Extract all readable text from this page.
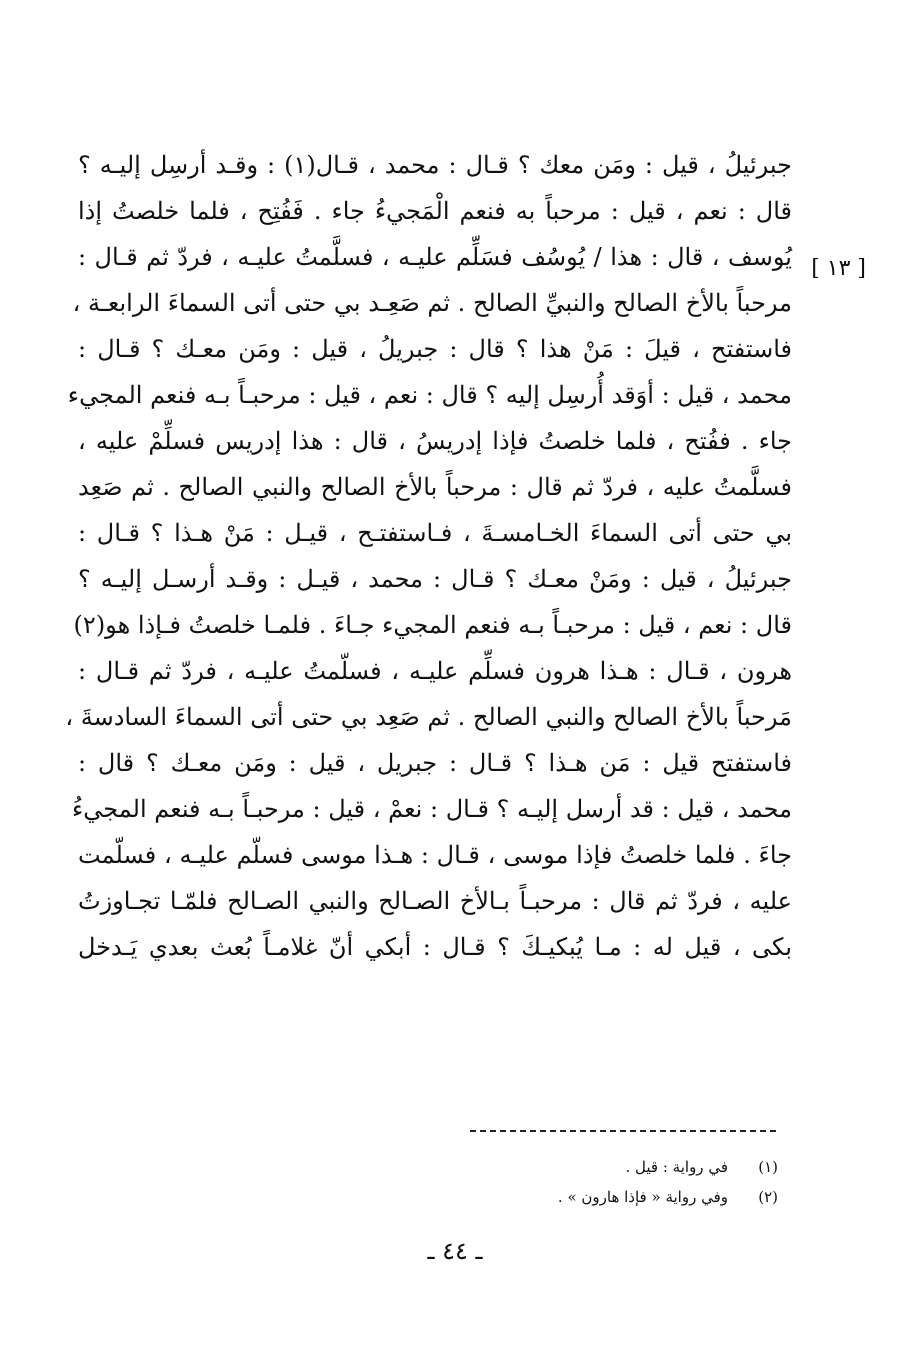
جبرئيلُ ، قيل : ومَن معك ؟ قـال : محمد ، قـال(١) : وقـد أرسِل إليـه ؟
قال : نعم ، قيل : مرحباً به فنعم الْمَجيءُ جاء . فَفُتِح ، فلما خلصتُ إذا
يُوسف ، قال : هذا / يُوسُف فسَلِّم عليـه ، فسلَّمتُ عليـه ، فردّ ثم قـال :
مرحباً بالأخ الصالح والنبيِّ الصالح . ثم صَعِـد بي حتى أتى السماءَ الرابعـة ،
فاستفتح ، قيلَ : مَنْ هذا ؟ قال : جبريلُ ، قيل : ومَن معـك ؟ قـال :
محمد ، قيل : أوَقد أُرسِل إليه ؟ قال : نعم ، قيل : مرحبـاً بـه فنعم المجيء
جاء . ففُتح ، فلما خلصتُ فإذا إدريسُ ، قال : هذا إدريس فسلِّمْ عليه ،
فسلَّمتُ عليه ، فردّ ثم قال : مرحباً بالأخ الصالح والنبي الصالح . ثم صَعِد
بي حتى أتى السماءَ الخـامسـةَ ، فـاستفتـح ، قيـل : مَنْ هـذا ؟ قـال :
جبرئيلُ ، قيل : ومَنْ معـك ؟ قـال : محمد ، قيـل : وقـد أرسـل إليـه ؟
قال : نعم ، قيل : مرحبـاً بـه فنعم المجيء جـاءَ . فلمـا خلصتُ فـإذا هو(٢)
هرون ، قـال : هـذا هرون فسلِّم عليـه ، فسلّمتُ عليـه ، فردّ ثم قـال :
مَرحباً بالأخ الصالح والنبي الصالح . ثم صَعِد بي حتى أتى السماءَ السادسةَ ،
فاستفتح قيل : مَن هـذا ؟ قـال : جبريل ، قيل : ومَن معـك ؟ قال :
محمد ، قيل : قد أرسل إليـه ؟ قـال : نعمْ ، قيل : مرحبـاً بـه فنعم المجيءُ
جاءَ . فلما خلصتُ فإذا موسى ، قـال : هـذا موسى فسلّم عليـه ، فسلّمت
عليه ، فردّ ثم قال : مرحبـاً بـالأخ الصـالح والنبي الصـالح فلمّـا تجـاوزتُ
بكى ، قيل له : مـا يُبكيـكَ ؟ قـال : أبكي أنّ غلامـاً بُعث بعدي يَـدخل
[ ١٣ ]
(١)
في رواية : قيل .
(٢)
وفي رواية « فإذا هارون » .
ـ ٤٤ ـ
